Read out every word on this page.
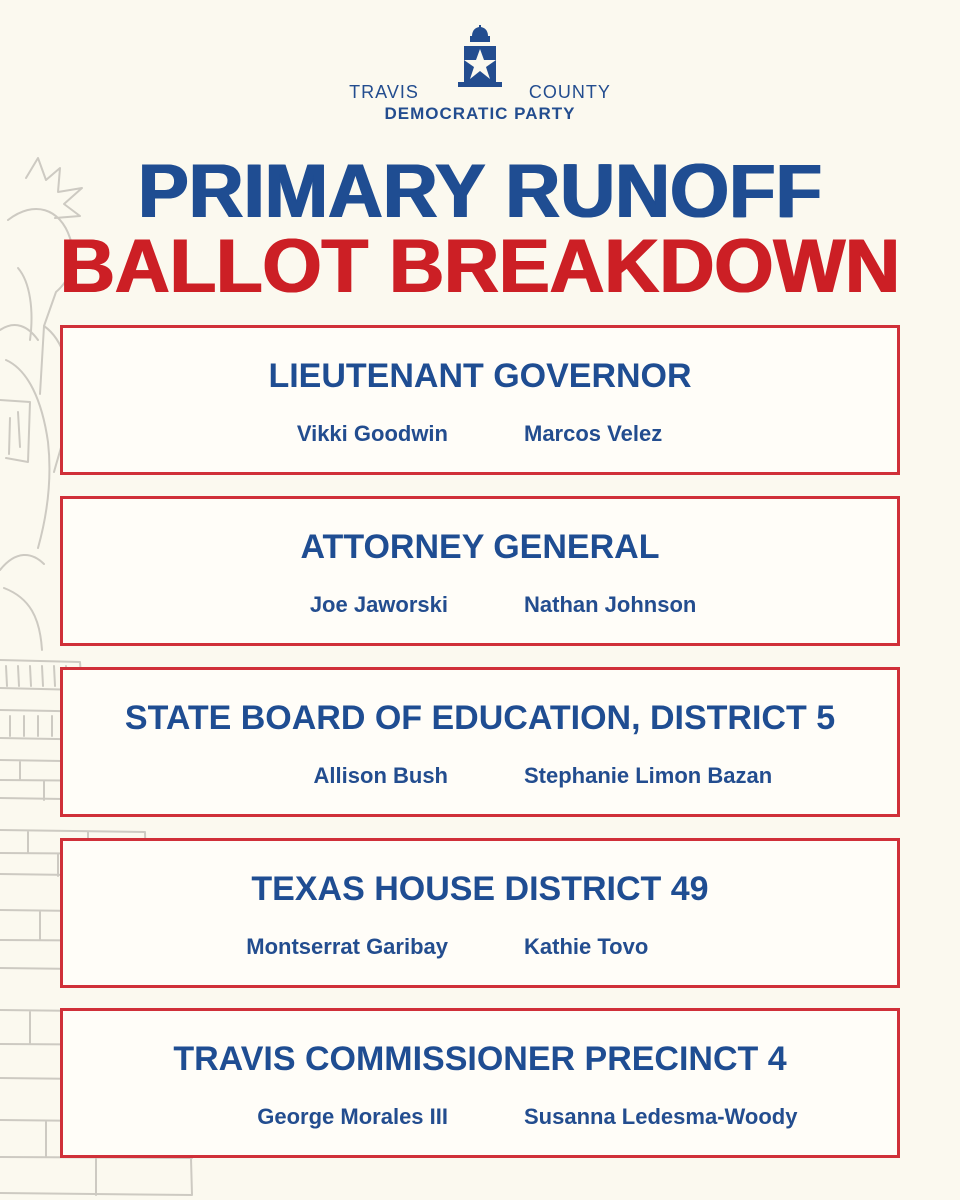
TRAVIS COUNTY
DEMOCRATIC PARTY
PRIMARY RUNOFF
BALLOT BREAKDOWN
LIEUTENANT GOVERNOR
Vikki Goodwin	Marcos Velez
ATTORNEY GENERAL
Joe Jaworski	Nathan Johnson
STATE BOARD OF EDUCATION, DISTRICT 5
Allison Bush	Stephanie Limon Bazan
TEXAS HOUSE DISTRICT 49
Montserrat Garibay	Kathie Tovo
TRAVIS COMMISSIONER PRECINCT 4
George Morales III	Susanna Ledesma-Woody
